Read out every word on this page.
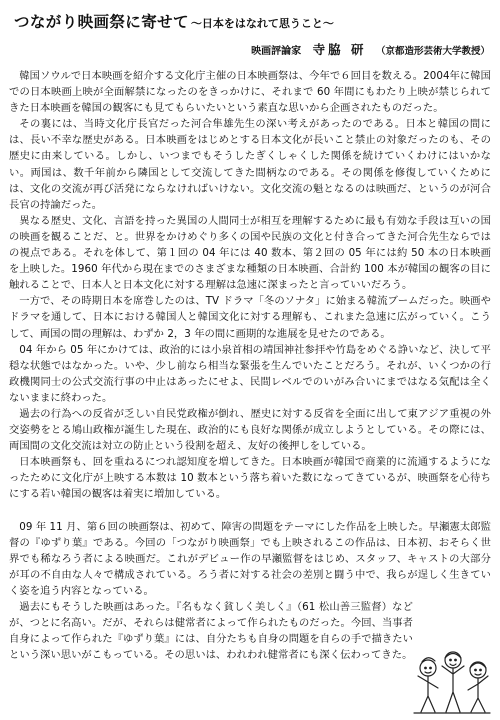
つながり映画祭に寄せて ～日本をはなれて思うこと～
映画評論家 寺脇 研 （京都造形芸術大学教授）

韓国ソウルで日本映画を紹介する文化庁主催の日本映画祭は、今年で６回目を数える。2004年に韓国での日本映画上映が全面解禁になったのをきっかけに、それまで 60 年間にもわたり上映が禁じられてきた日本映画を韓国の観客にも見てもらいたいという素直な思いから企画されたものだった。

その裏には、当時文化庁長官だった河合隼雄先生の深い考えがあったのである。日本と韓国の間には、長い不幸な歴史がある。日本映画をはじめとする日本文化が長いこと禁止の対象だったのも、その歴史に由来している。しかし、いつまでもそうしたぎくしゃくした関係を続けていくわけにはいかない。両国は、数千年前から隣国として交流してきた間柄なのである。その関係を修復していくためには、文化の交流が再び活発にならなければいけない。文化交流の魁となるのは映画だ、というのが河合長官の持論だった。

異なる歴史、文化、言語を持った異国の人間同士が相互を理解するために最も有効な手段は互いの国の映画を観ることだ、と。世界をかけめぐり多くの国や民族の文化と付き合ってきた河合先生ならではの視点である。それを体して、第１回の 04 年には 40 数本、第２回の 05 年には約 50 本の日本映画を上映した。1960 年代から現在までのさまざまな種類の日本映画、合計約 100 本が韓国の観客の目に触れることで、日本人と日本文化に対する理解は急速に深まったと言っていいだろう。

一方で、その時期日本を席巻したのは、TV ドラマ「冬のソナタ」に始まる韓流ブームだった。映画やドラマを通して、日本における韓国人と韓国文化に対する理解も、これまた急速に広がっていく。こうして、両国の間の理解は、わずか 2，3 年の間に画期的な進展を見せたのである。

04 年から 05 年にかけては、政治的には小泉首相の靖国神社参拝や竹島をめぐる諍いなど、決して平穏な状態ではなかった。いや、少し前なら相当な緊張を生んでいたことだろう。それが、いくつかの行政機関同士の公式交流行事の中止はあったにせよ、民間レベルでのいがみ合いにまではなる気配は全くないままに終わった。

過去の行為への反省が乏しい自民党政権が倒れ、歴史に対する反省を全面に出して東アジア重視の外交姿勢をとる鳩山政権が誕生した現在、政治的にも良好な関係が成立しようとしている。その際には、両国間の文化交流は対立の防止という役割を超え、友好の後押しをしている。

日本映画祭も、回を重ねるにつれ認知度を増してきた。日本映画が韓国で商業的に流通するようになったために文化庁が上映する本数は 10 数本という落ち着いた数になってきているが、映画祭を心待ちにする若い韓国の観客は着実に増加している。

09 年 11 月、第６回の映画祭は、初めて、障害の問題をテーマにした作品を上映した。早瀬憲太郎監督の『ゆずり葉』である。今回の「つながり映画祭」でも上映されるこの作品は、日本初、おそらく世界でも稀なろう者による映画だ。これがデビュー作の早瀬監督をはじめ、スタッフ、キャストの大部分が耳の不自由な人々で構成されている。ろう者に対する社会の差別と闘う中で、我らが逞しく生きていく姿を追う内容となっている。

過去にもそうした映画はあった。『名もなく貧しく美しく』（61 松山善三監督）などが、つとに名高い。だが、それらは健常者によって作られたものだった。今回、当事者自身によって作られた『ゆずり葉』には、自分たちも自身の問題を自らの手で描きたいという深い思いがこもっている。その思いは、われわれ健常者にも深く伝わってきた。
